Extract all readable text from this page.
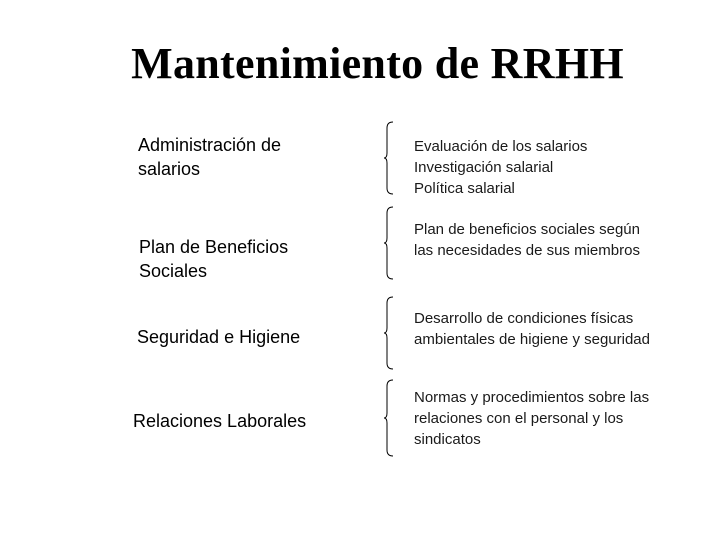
Mantenimiento de RRHH
Administración de
salarios
Evaluación de los salarios
Investigación salarial
Política salarial
Plan de Beneficios
Sociales
Plan de beneficios sociales según
las necesidades de sus miembros
Seguridad e Higiene
Desarrollo de condiciones físicas
ambientales de higiene y seguridad
Relaciones Laborales
Normas y procedimientos sobre las
relaciones con el personal y los
sindicatos
